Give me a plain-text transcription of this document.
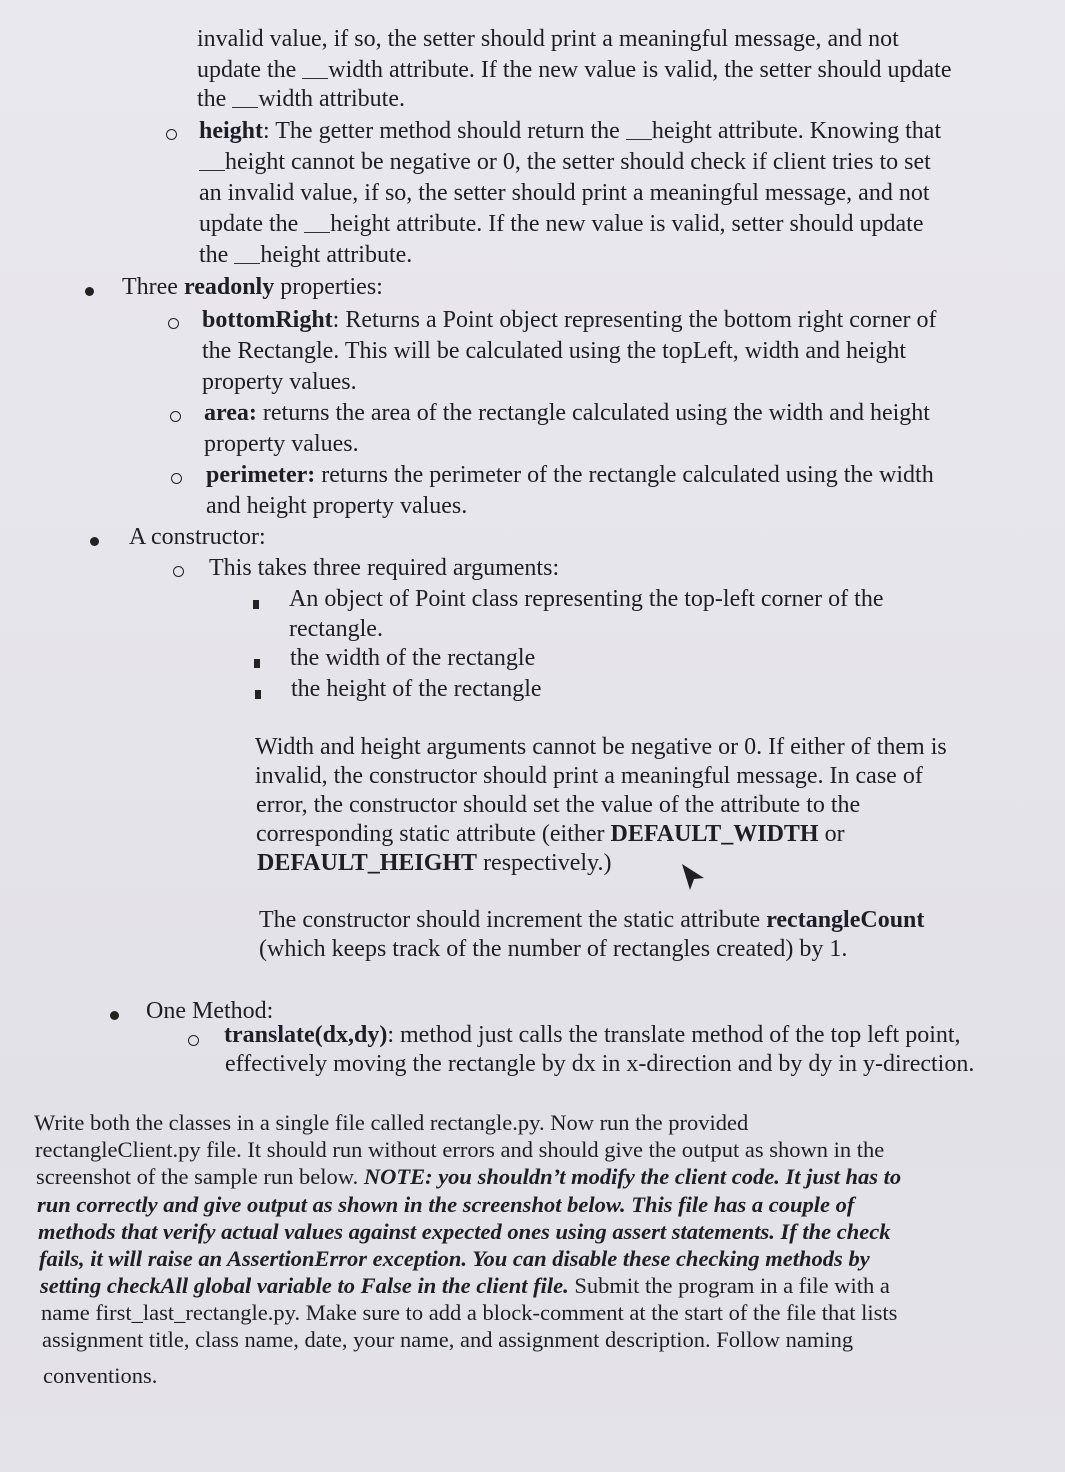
invalid value, if so, the setter should print a meaningful message, and not
update the width attribute. If the new value is valid, the setter should update
the width attribute.
height: The getter method should return the height attribute. Knowing that
height cannot be negative or 0, the setter should check if client tries to set
an invalid value, if so, the setter should print a meaningful message, and not
update the height attribute. If the new value is valid, setter should update
the height attribute.
Three readonly properties:
bottomRight: Returns a Point object representing the bottom right corner of
the Rectangle. This will be calculated using the topLeft, width and height
property values.
area: returns the area of the rectangle calculated using the width and height
property values.
perimeter: returns the perimeter of the rectangle calculated using the width
and height property values.
A constructor:
This takes three required arguments:
An object of Point class representing the top-left corner of the
rectangle.
the width of the rectangle
the height of the rectangle
Width and height arguments cannot be negative or 0. If either of them is
invalid, the constructor should print a meaningful message. In case of
error, the constructor should set the value of the attribute to the
corresponding static attribute (either DEFAULT_WIDTH or
DEFAULT_HEIGHT respectively.)
The constructor should increment the static attribute rectangleCount
(which keeps track of the number of rectangles created) by 1.
One Method:
translate(dx,dy): method just calls the translate method of the top left point,
effectively moving the rectangle by dx in x-direction and by dy in y-direction.
Write both the classes in a single file called rectangle.py. Now run the provided
rectangleClient.py file. It should run without errors and should give the output as shown in the
screenshot of the sample run below. NOTE: you shouldn’t modify the client code. It just has to
run correctly and give output as shown in the screenshot below. This file has a couple of
methods that verify actual values against expected ones using assert statements. If the check
fails, it will raise an AssertionError exception. You can disable these checking methods by
setting checkAll global variable to False in the client file. Submit the program in a file with a
name first_last_rectangle.py. Make sure to add a block-comment at the start of the file that lists
assignment title, class name, date, your name, and assignment description. Follow naming
conventions.
